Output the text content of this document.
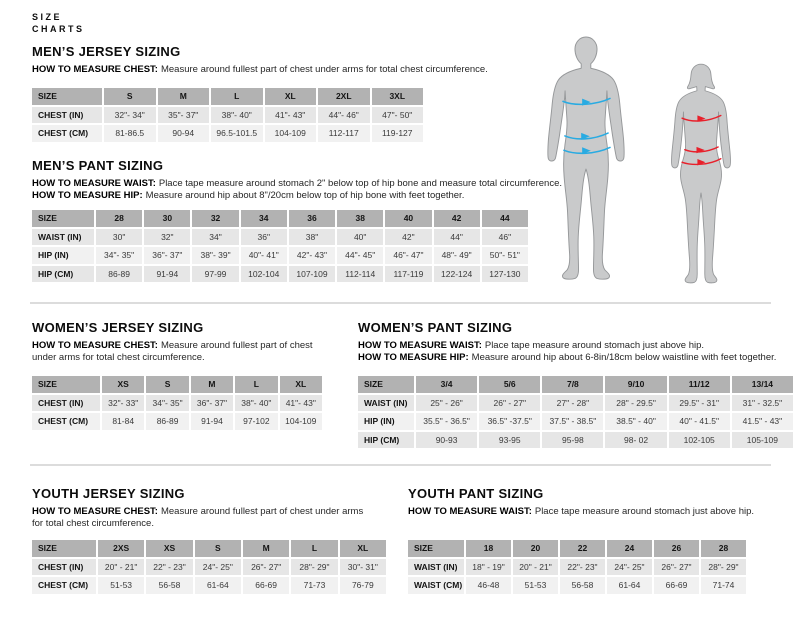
SIZE
CHARTS
MEN’S JERSEY SIZING

HOW TO MEASURE CHEST: Measure around fullest part of chest under arms for total chest circumference.

SIZE	S	M	L	XL	2XL	3XL
CHEST (IN)	32"- 34"	35"- 37"	38"- 40"	41"- 43"	44"- 46"	47"- 50"
CHEST (CM)	81-86.5	90-94	96.5-101.5	104-109	112-117	119-127
MEN’S PANT SIZING

HOW TO MEASURE WAIST: Place tape measure around stomach 2" below top of hip bone and measure total circumference.

HOW TO MEASURE HIP: Measure around hip about 8"/20cm below top of hip bone with feet together.

SIZE	28	30	32	34	36	38	40	42	44
WAIST (IN)	30"	32"	34"	36"	38"	40"	42"	44"	46"
HIP (IN)	34"- 35"	36"- 37"	38"- 39"	40"- 41"	42"- 43"	44"- 45"	46"- 47"	48"- 49"	50"- 51"
HIP (CM)	86-89	91-94	97-99	102-104	107-109	112-114	117-119	122-124	127-130
WOMEN’S JERSEY SIZING

HOW TO MEASURE CHEST: Measure around fullest part of chest under arms for total chest circumference.

SIZE	XS	S	M	L	XL
CHEST (IN)	32"- 33"	34"- 35"	36"- 37"	38"- 40"	41"- 43"
CHEST (CM)	81-84	86-89	91-94	97-102	104-109
WOMEN’S PANT SIZING

HOW TO MEASURE WAIST: Place tape measure around stomach just above hip.

HOW TO MEASURE HIP: Measure around hip about 6-8in/18cm below waistline with feet together.

SIZE	3/4	5/6	7/8	9/10	11/12	13/14
WAIST (IN)	25" - 26"	26" - 27"	27" - 28"	28" - 29.5"	29.5" - 31"	31" - 32.5"
HIP (IN)	35.5" - 36.5"	36.5" -37.5"	37.5" - 38.5"	38.5" - 40"	40" - 41.5"	41.5" - 43"
HIP (CM)	90-93	93-95	95-98	98- 02	102-105	105-109
YOUTH JERSEY SIZING

HOW TO MEASURE CHEST: Measure around fullest part of chest under arms for total chest circumference.

SIZE	2XS	XS	S	M	L	XL
CHEST (IN)	20" - 21"	22" - 23"	24"- 25"	26"- 27"	28"- 29"	30"- 31"
CHEST (CM)	51-53	56-58	61-64	66-69	71-73	76-79
YOUTH PANT SIZING

HOW TO MEASURE WAIST: Place tape measure around stomach just above hip.

SIZE	18	20	22	24	26	28
WAIST (IN)	18" - 19"	20" - 21"	22"- 23"	24"- 25"	26"- 27"	28"- 29"
WAIST (CM)	46-48	51-53	56-58	61-64	66-69	71-74
